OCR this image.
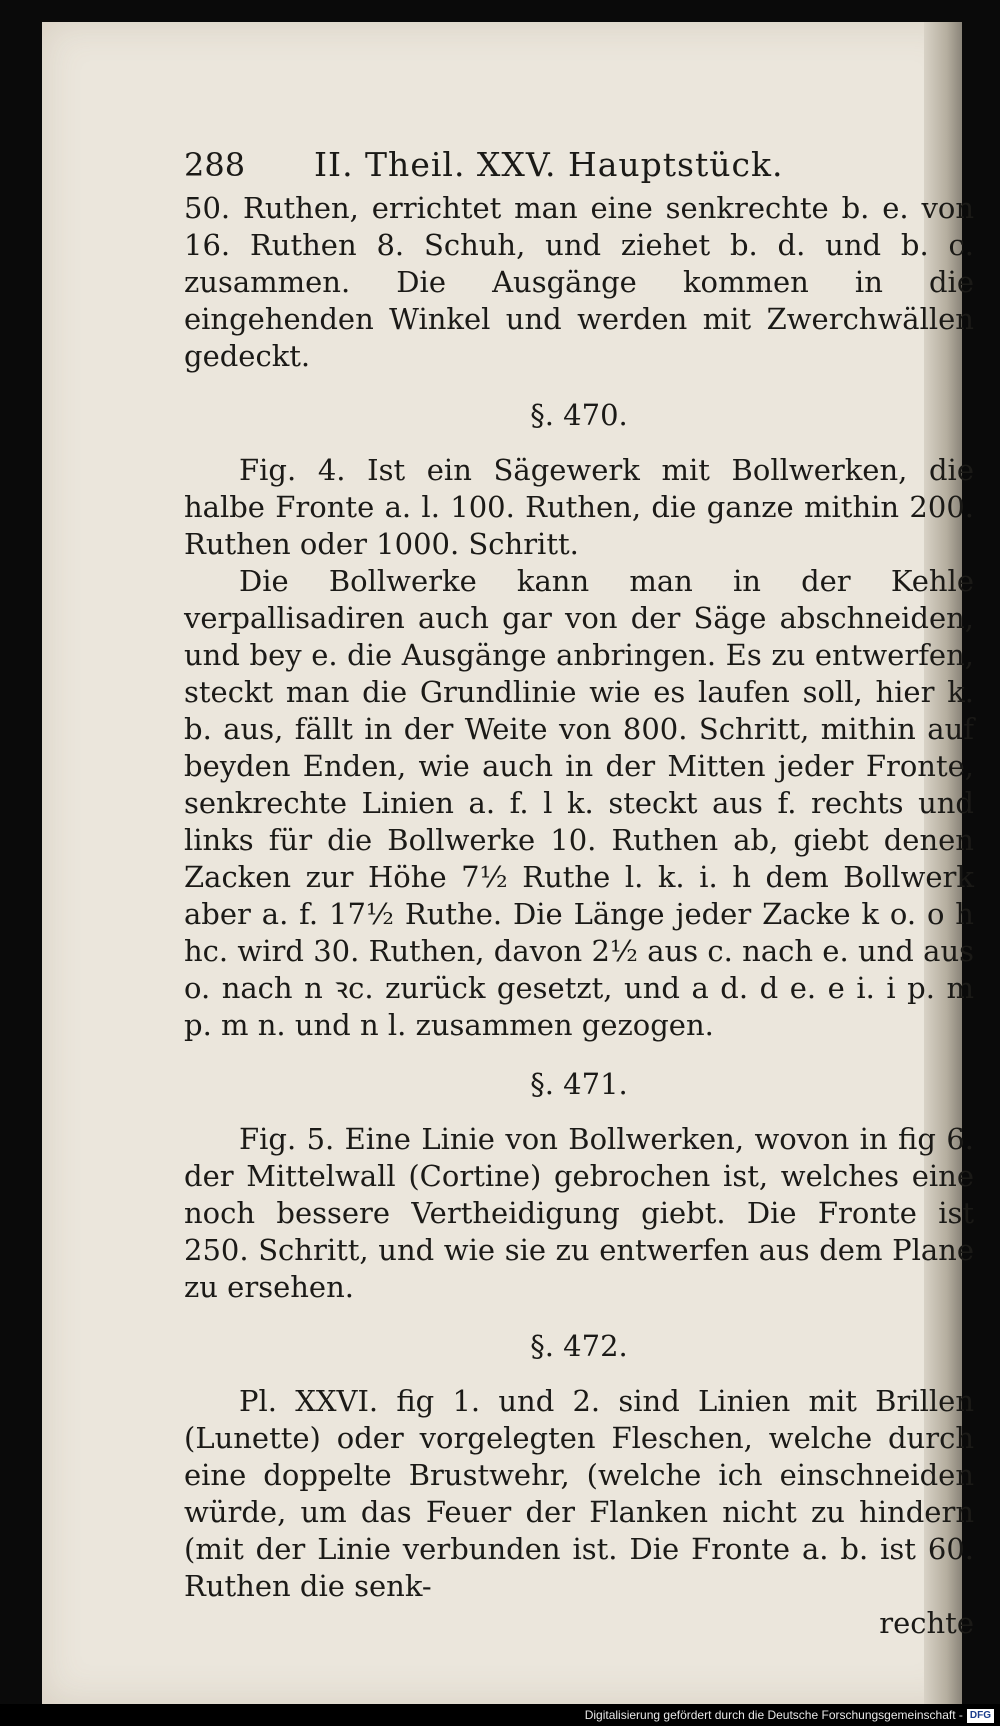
288	II. Theil. XXV. Hauptstück.

50. Ruthen, errichtet man eine senkrechte b. e. von 16. Ruthen 8. Schuh, und ziehet b. d. und b. c. zusammen. Die Ausgänge kommen in die eingehenden Winkel und werden mit Zwerchwällen gedeckt.

§. 470.

Fig. 4. Ist ein Sägewerk mit Bollwerken, die halbe Fronte a. l. 100. Ruthen, die ganze mithin 200. Ruthen oder 1000. Schritt.

Die Bollwerke kann man in der Kehle verpallisadiren auch gar von der Säge abschneiden, und bey e. die Ausgänge anbringen. Es zu entwerfen, steckt man die Grundlinie wie es laufen soll, hier k. b. aus, fällt in der Weite von 800. Schritt, mithin auf beyden Enden, wie auch in der Mitten jeder Fronte, senkrechte Linien a. f. l k. steckt aus f. rechts und links für die Bollwerke 10. Ruthen ab, giebt denen Zacken zur Höhe 7½ Ruthe l. k. i. h dem Bollwerk aber a. f. 17½ Ruthe. Die Länge jeder Zacke k o. o h hc. wird 30. Ruthen, davon 2½ aus c. nach e. und aus o. nach n ꝛc. zurück gesetzt, und a d. d e. e i. i p. m p. m n. und n l. zusammen gezogen.

§. 471.

Fig. 5. Eine Linie von Bollwerken, wovon in fig 6. der Mittelwall (Cortine) gebrochen ist, welches eine noch bessere Vertheidigung giebt. Die Fronte ist 250. Schritt, und wie sie zu entwerfen aus dem Plane zu ersehen.

§. 472.

Pl. XXVI. fig 1. und 2. sind Linien mit Brillen (Lunette) oder vorgelegten Fleschen, welche durch eine doppelte Brustwehr, (welche ich einschneiden würde, um das Feuer der Flanken nicht zu hindern (mit der Linie verbunden ist. Die Fronte a. b. ist 60. Ruthen die senk-

rechte
Digitalisierung gefördert durch die Deutsche Forschungsgemeinschaft - DFG
